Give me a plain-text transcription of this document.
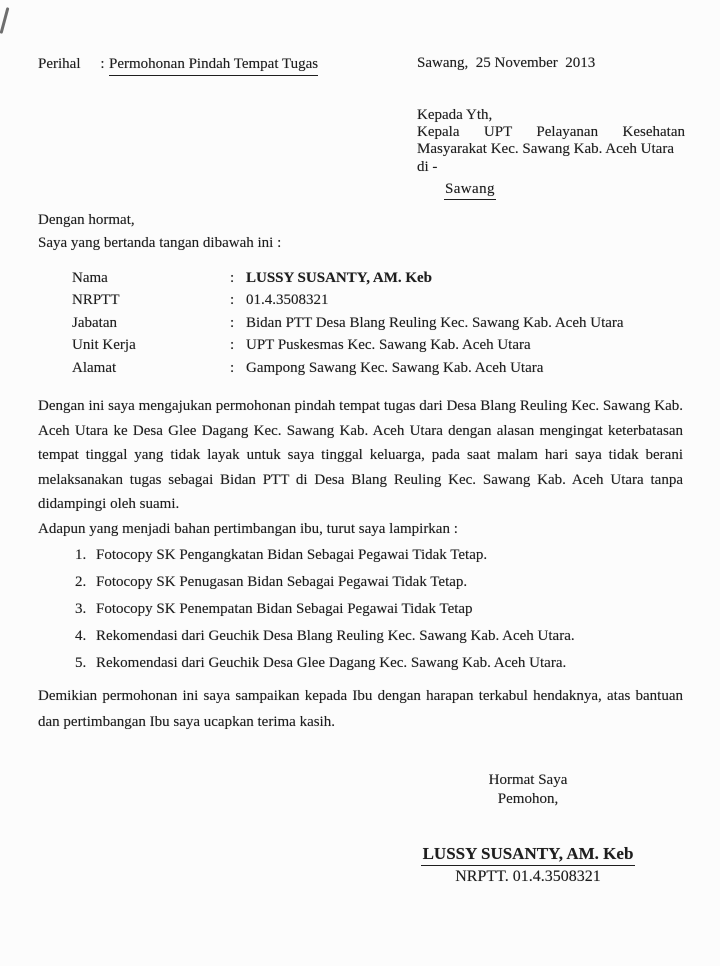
Perihal : Permohonan Pindah Tempat Tugas	Sawang,  25 November  2013
Kepada Yth,
Kepala UPT Pelayanan Kesehatan
Masyarakat Kec. Sawang Kab. Aceh Utara
di -
Sawang
Dengan hormat,
Saya yang bertanda tangan dibawah ini :
Nama	: LUSSY SUSANTY, AM. Keb
NRPTT	: 01.4.3508321
Jabatan	: Bidan PTT Desa Blang Reuling Kec. Sawang Kab. Aceh Utara
Unit Kerja	: UPT Puskesmas Kec. Sawang Kab. Aceh Utara
Alamat	: Gampong Sawang Kec. Sawang Kab. Aceh Utara
Dengan ini saya mengajukan permohonan pindah tempat tugas dari Desa Blang Reuling Kec. Sawang Kab. Aceh Utara ke Desa Glee Dagang Kec. Sawang Kab. Aceh Utara dengan alasan mengingat keterbatasan tempat tinggal yang tidak layak untuk saya tinggal keluarga, pada saat malam hari saya tidak berani melaksanakan tugas sebagai Bidan PTT di Desa Blang Reuling Kec. Sawang Kab. Aceh Utara tanpa didampingi oleh suami.
Adapun yang menjadi bahan pertimbangan ibu, turut saya lampirkan :
1. Fotocopy SK Pengangkatan Bidan Sebagai Pegawai Tidak Tetap.
2. Fotocopy SK Penugasan Bidan Sebagai Pegawai Tidak Tetap.
3. Fotocopy SK Penempatan Bidan Sebagai Pegawai Tidak Tetap
4. Rekomendasi dari Geuchik Desa Blang Reuling Kec. Sawang Kab. Aceh Utara.
5. Rekomendasi dari Geuchik Desa Glee Dagang Kec. Sawang Kab. Aceh Utara.
Demikian permohonan ini saya sampaikan kepada Ibu dengan harapan terkabul hendaknya, atas bantuan dan pertimbangan Ibu saya ucapkan terima kasih.
Hormat Saya
Pemohon,
LUSSY SUSANTY, AM. Keb
NRPTT. 01.4.3508321
